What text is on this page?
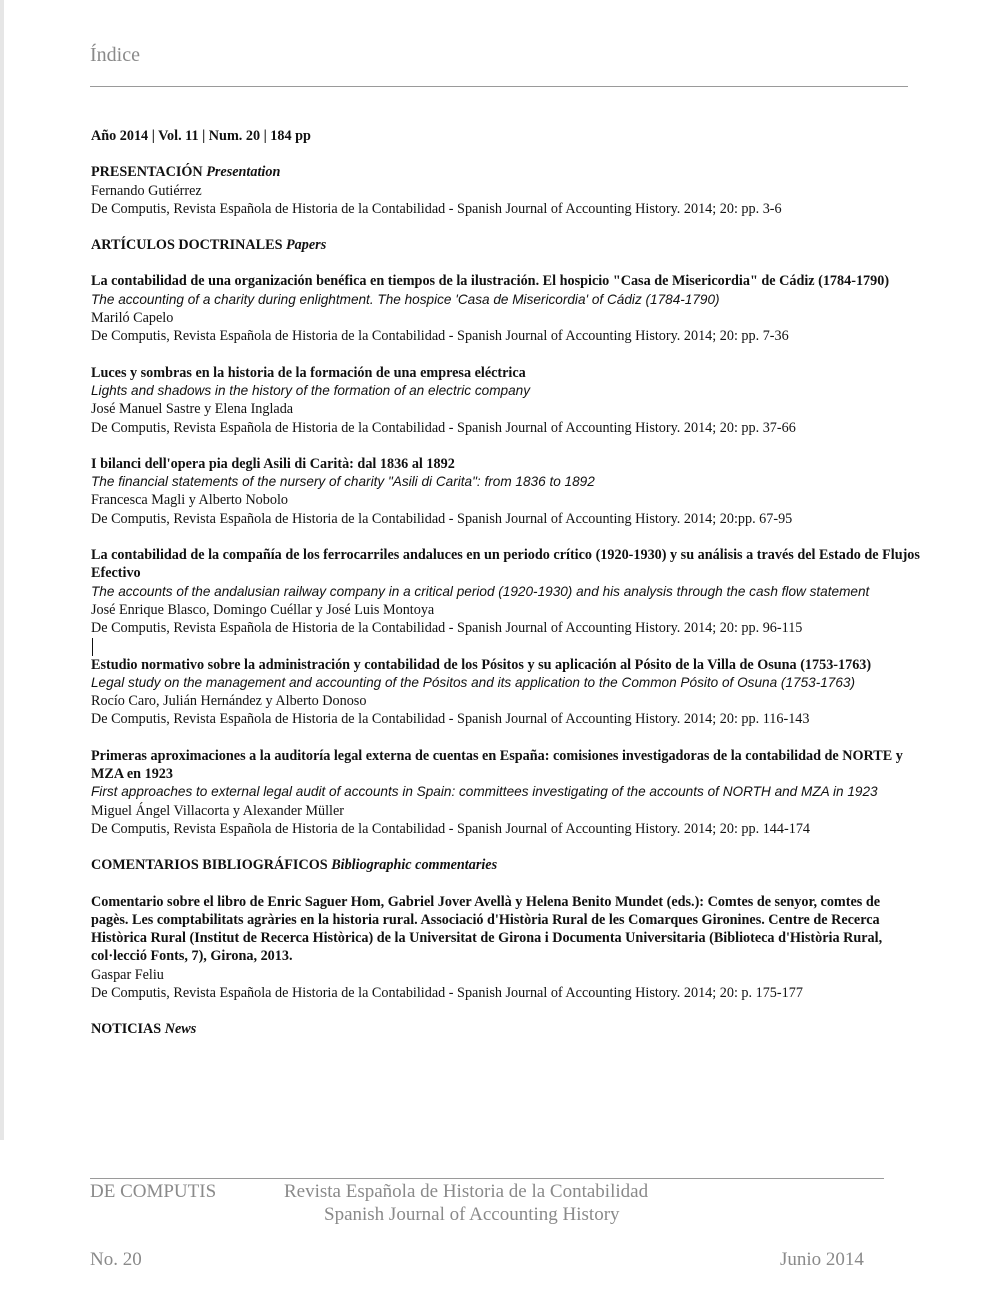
Índice
Año 2014 | Vol. 11 | Num. 20 | 184 pp
PRESENTACIÓN Presentation
Fernando Gutiérrez
De Computis, Revista Española de Historia de la Contabilidad - Spanish Journal of Accounting History. 2014; 20: pp. 3-6
ARTÍCULOS DOCTRINALES Papers
La contabilidad de una organización benéfica en tiempos de la ilustración. El hospicio "Casa de Misericordia" de Cádiz (1784-1790)
The accounting of a charity during enlightment. The hospice 'Casa de Misericordia' of Cádiz (1784-1790)
Mariló Capelo
De Computis, Revista Española de Historia de la Contabilidad - Spanish Journal of Accounting History. 2014; 20: pp. 7-36
Luces y sombras en la historia de la formación de una empresa eléctrica
Lights and shadows in the history of the formation of an electric company
José Manuel Sastre y Elena Inglada
De Computis, Revista Española de Historia de la Contabilidad - Spanish Journal of Accounting History. 2014; 20: pp. 37-66
I bilanci dell'opera pia degli Asili di Carità: dal 1836 al 1892
The financial statements of the nursery of charity "Asili di Carita": from 1836 to 1892
Francesca Magli y Alberto Nobolo
De Computis, Revista Española de Historia de la Contabilidad - Spanish Journal of Accounting History. 2014; 20:pp. 67-95
La contabilidad de la compañía de los ferrocarriles andaluces en un periodo crítico (1920-1930) y su análisis a través del Estado de Flujos Efectivo
The accounts of the andalusian railway company in a critical period (1920-1930) and his analysis through the cash flow statement
José Enrique Blasco, Domingo Cuéllar y José Luis Montoya
De Computis, Revista Española de Historia de la Contabilidad - Spanish Journal of Accounting History. 2014; 20: pp. 96-115
Estudio normativo sobre la administración y contabilidad de los Pósitos y su aplicación al Pósito de la Villa de Osuna (1753-1763)
Legal study on the management and accounting of the Pósitos and its application to the Common Pósito of Osuna (1753-1763)
Rocío Caro, Julián Hernández y Alberto Donoso
De Computis, Revista Española de Historia de la Contabilidad - Spanish Journal of Accounting History. 2014; 20: pp. 116-143
Primeras aproximaciones a la auditoría legal externa de cuentas en España: comisiones investigadoras de la contabilidad de NORTE y MZA en 1923
First approaches to external legal audit of accounts in Spain: committees investigating of the accounts of NORTH and MZA in 1923
Miguel Ángel Villacorta y Alexander Müller
De Computis, Revista Española de Historia de la Contabilidad - Spanish Journal of Accounting History. 2014; 20: pp. 144-174
COMENTARIOS BIBLIOGRÁFICOS Bibliographic commentaries
Comentario sobre el libro de Enric Saguer Hom, Gabriel Jover Avellà y Helena Benito Mundet (eds.): Comtes de senyor, comtes de pagès. Les comptabilitats agràries en la historia rural. Associació d'Història Rural de les Comarques Gironines. Centre de Recerca Històrica Rural (Institut de Recerca Històrica) de la Universitat de Girona i Documenta Universitaria (Biblioteca d'Història Rural, col·lecció Fonts, 7), Girona, 2013.
Gaspar Feliu
De Computis, Revista Española de Historia de la Contabilidad - Spanish Journal of Accounting History. 2014; 20: p. 175-177
NOTICIAS News
DE COMPUTIS	Revista Española de Historia de la Contabilidad
Spanish Journal of Accounting History
No. 20	Junio 2014
